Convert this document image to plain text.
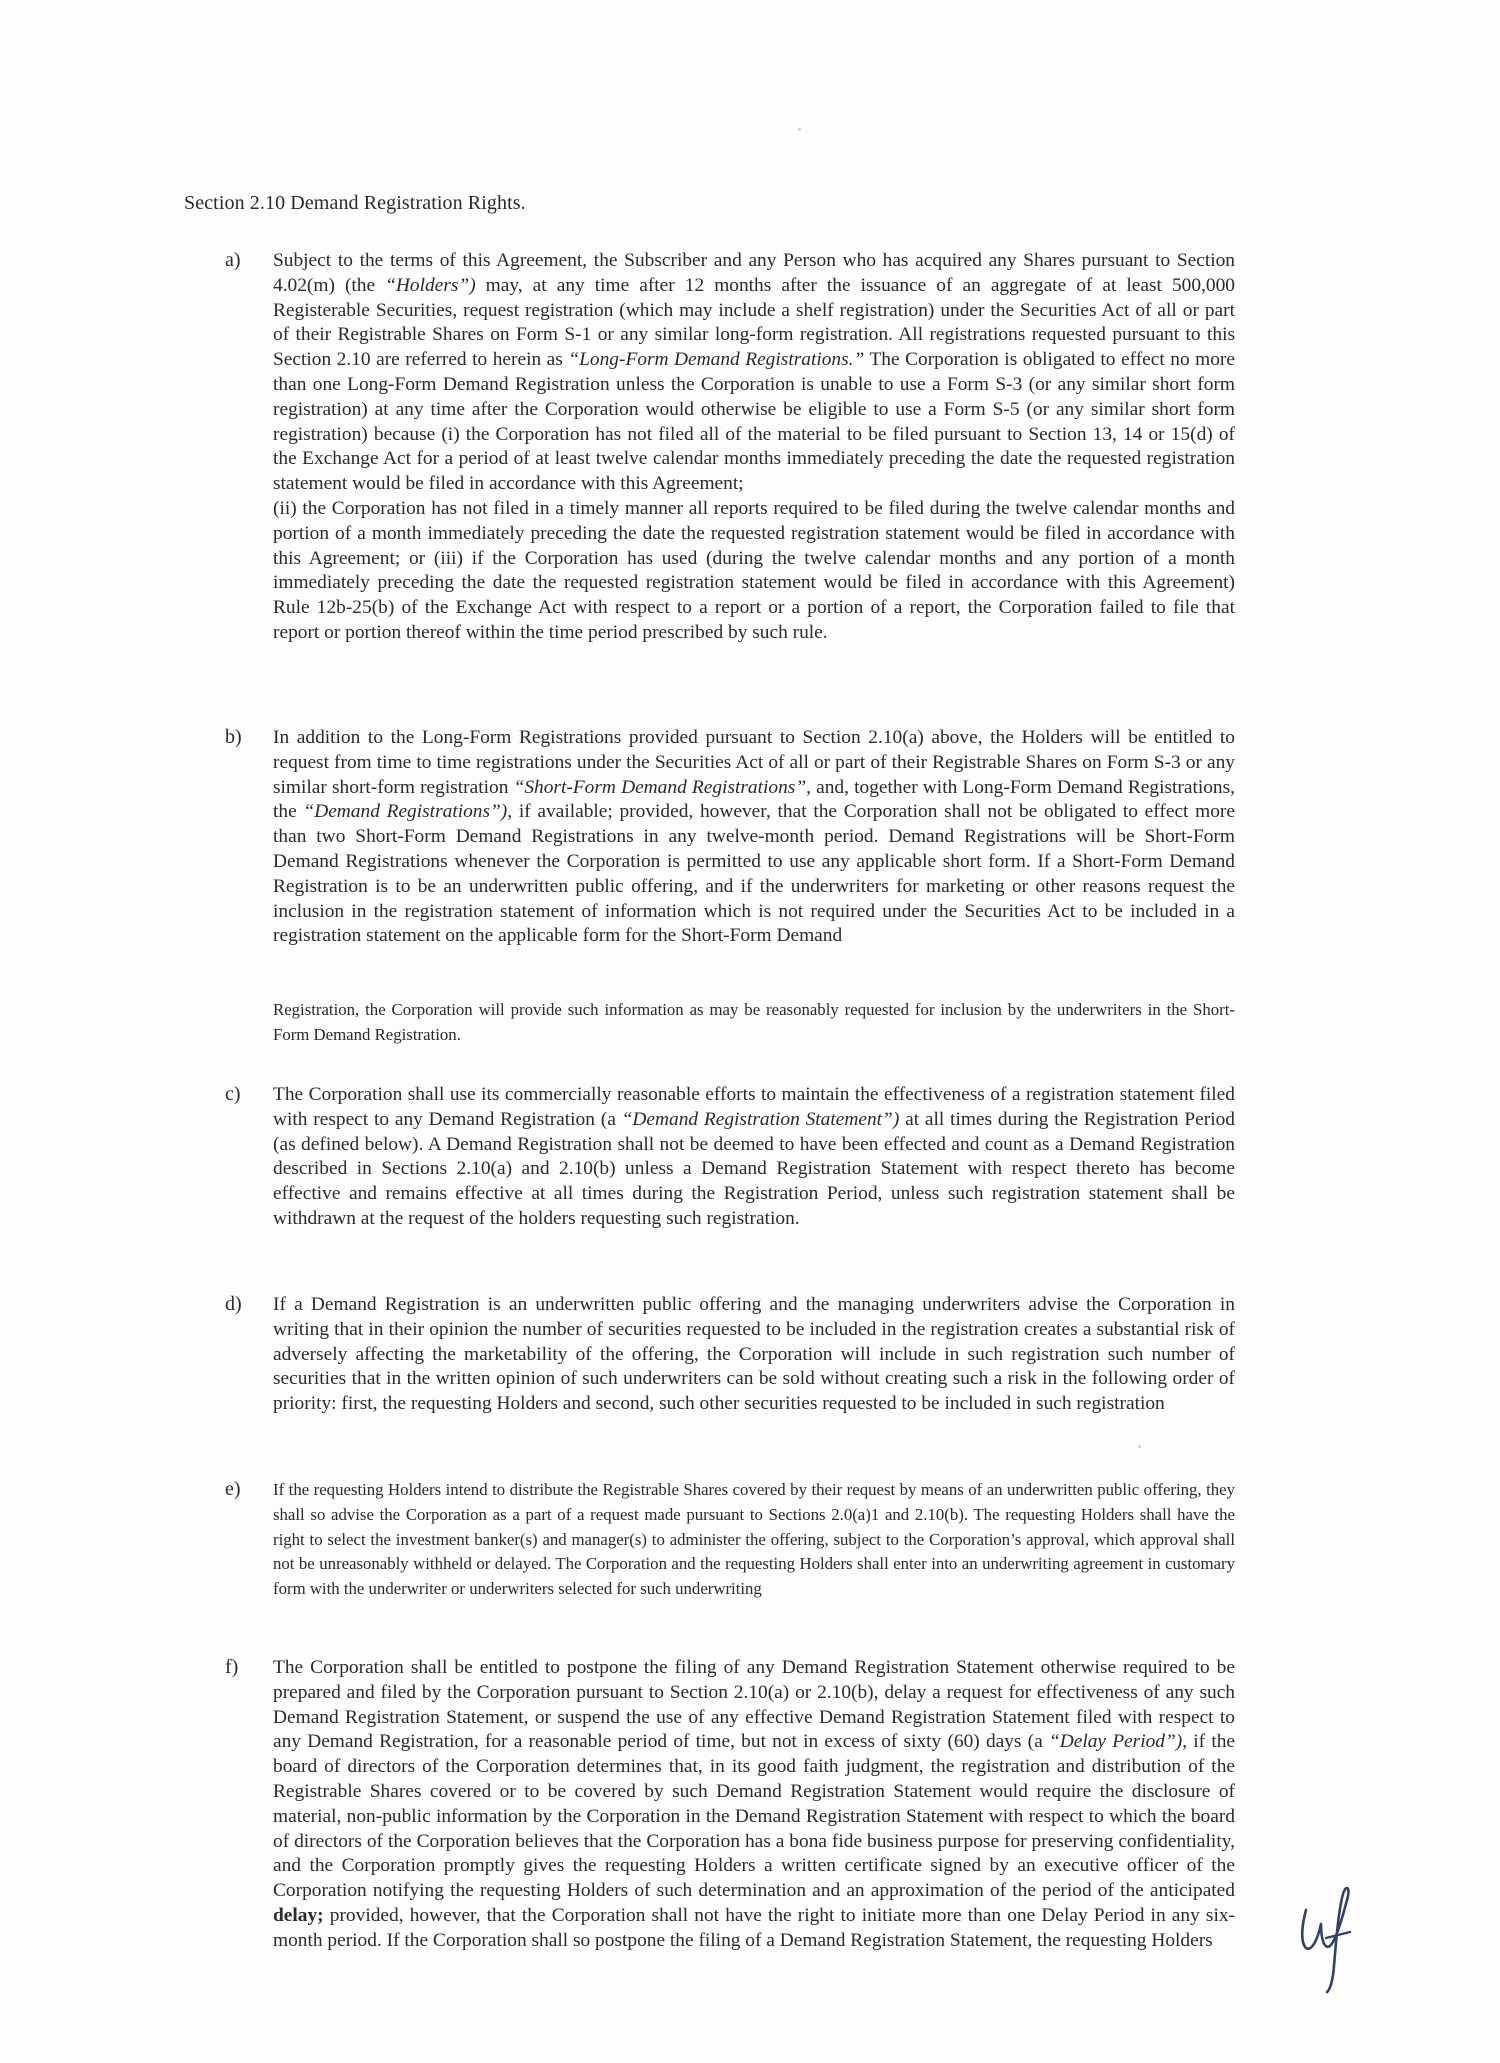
Section 2.10 Demand Registration Rights.
a) Subject to the terms of this Agreement, the Subscriber and any Person who has acquired any Shares pursuant to Section 4.02(m) (the “Holders”) may, at any time after 12 months after the issuance of an aggregate of at least 500,000 Registerable Securities, request registration (which may include a shelf registration) under the Securities Act of all or part of their Registrable Shares on Form S-1 or any similar long-form registration. All registrations requested pursuant to this Section 2.10 are referred to herein as “Long-Form Demand Registrations.” The Corporation is obligated to effect no more than one Long-Form Demand Registration unless the Corporation is unable to use a Form S-3 (or any similar short form registration) at any time after the Corporation would otherwise be eligible to use a Form S-5 (or any similar short form registration) because (i) the Corporation has not filed all of the material to be filed pursuant to Section 13, 14 or 15(d) of the Exchange Act for a period of at least twelve calendar months immediately preceding the date the requested registration statement would be filed in accordance with this Agreement;

(ii) the Corporation has not filed in a timely manner all reports required to be filed during the twelve calendar months and portion of a month immediately preceding the date the requested registration statement would be filed in accordance with this Agreement; or (iii) if the Corporation has used (during the twelve calendar months and any portion of a month immediately preceding the date the requested registration statement would be filed in accordance with this Agreement) Rule 12b-25(b) of the Exchange Act with respect to a report or a portion of a report, the Corporation failed to file that report or portion thereof within the time period prescribed by such rule.

b) In addition to the Long-Form Registrations provided pursuant to Section 2.10(a) above, the Holders will be entitled to request from time to time registrations under the Securities Act of all or part of their Registrable Shares on Form S-3 or any similar short-form registration “Short-Form Demand Registrations”, and, together with Long-Form Demand Registrations, the “Demand Registrations”), if available; provided, however, that the Corporation shall not be obligated to effect more than two Short-Form Demand Registrations in any twelve-month period. Demand Registrations will be Short-Form Demand Registrations whenever the Corporation is permitted to use any applicable short form. If a Short-Form Demand Registration is to be an underwritten public offering, and if the underwriters for marketing or other reasons request the inclusion in the registration statement of information which is not required under the Securities Act to be included in a registration statement on the applicable form for the Short-Form Demand

Registration, the Corporation will provide such information as may be reasonably requested for inclusion by the underwriters in the Short-Form Demand Registration.
c) The Corporation shall use its commercially reasonable efforts to maintain the effectiveness of a registration statement filed with respect to any Demand Registration (a “Demand Registration Statement”) at all times during the Registration Period (as defined below). A Demand Registration shall not be deemed to have been effected and count as a Demand Registration described in Sections 2.10(a) and 2.10(b) unless a Demand Registration Statement with respect thereto has become effective and remains effective at all times during the Registration Period, unless such registration statement shall be withdrawn at the request of the holders requesting such registration.

d) If a Demand Registration is an underwritten public offering and the managing underwriters advise the Corporation in writing that in their opinion the number of securities requested to be included in the registration creates a substantial risk of adversely affecting the marketability of the offering, the Corporation will include in such registration such number of securities that in the written opinion of such underwriters can be sold without creating such a risk in the following order of priority: first, the requesting Holders and second, such other securities requested to be included in such registration

e) If the requesting Holders intend to distribute the Registrable Shares covered by their request by means of an underwritten public offering, they shall so advise the Corporation as a part of a request made pursuant to Sections 2.0(a)1 and 2.10(b). The requesting Holders shall have the right to select the investment banker(s) and manager(s) to administer the offering, subject to the Corporation’s approval, which approval shall not be unreasonably withheld or delayed. The Corporation and the requesting Holders shall enter into an underwriting agreement in customary form with the underwriter or underwriters selected for such underwriting

f) The Corporation shall be entitled to postpone the filing of any Demand Registration Statement otherwise required to be prepared and filed by the Corporation pursuant to Section 2.10(a) or 2.10(b), delay a request for effectiveness of any such Demand Registration Statement, or suspend the use of any effective Demand Registration Statement filed with respect to any Demand Registration, for a reasonable period of time, but not in excess of sixty (60) days (a “Delay Period”), if the board of directors of the Corporation determines that, in its good faith judgment, the registration and distribution of the Registrable Shares covered or to be covered by such Demand Registration Statement would require the disclosure of material, non-public information by the Corporation in the Demand Registration Statement with respect to which the board of directors of the Corporation believes that the Corporation has a bona fide business purpose for preserving confidentiality, and the Corporation promptly gives the requesting Holders a written certificate signed by an executive officer of the Corporation notifying the requesting Holders of such determination and an approximation of the period of the anticipated delay; provided, however, that the Corporation shall not have the right to initiate more than one Delay Period in any six-month period. If the Corporation shall so postpone the filing of a Demand Registration Statement, the requesting Holders
